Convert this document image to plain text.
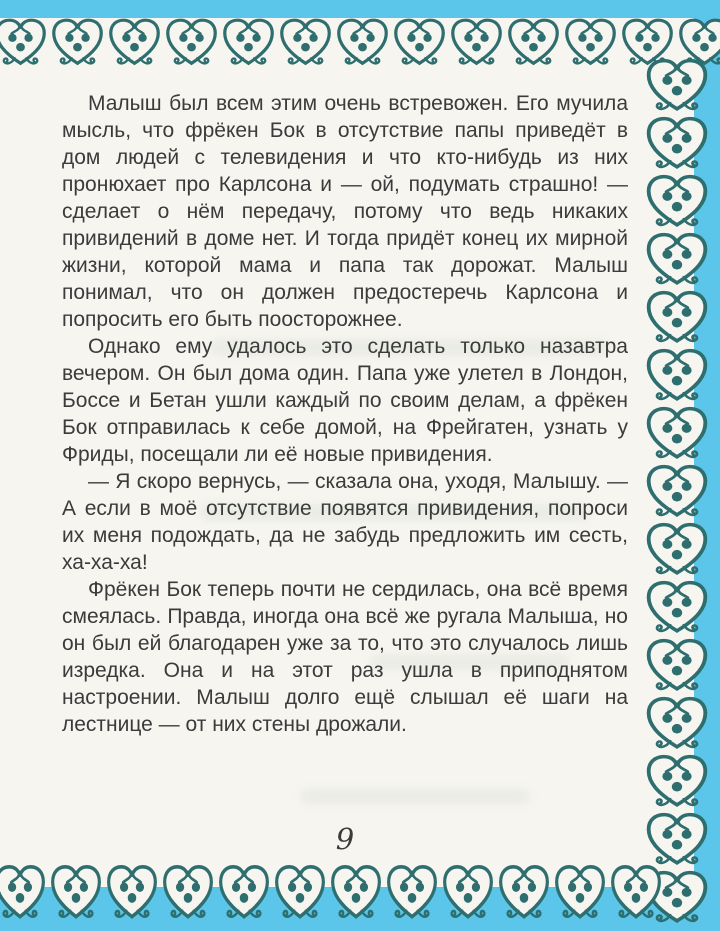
Малыш был всем этим очень встревожен. Его мучила мысль, что фрёкен Бок в отсутствие папы приведёт в дом людей с телевидения и что кто-нибудь из них пронюхает про Карлсона и — ой, подумать страшно! — сделает о нём передачу, потому что ведь никаких привидений в доме нет. И тогда придёт конец их мирной жизни, которой мама и папа так дорожат. Малыш понимал, что он должен предостеречь Карлсона и попросить его быть поосторожнее.

Однако ему удалось это сделать только назавтра вечером. Он был дома один. Папа уже улетел в Лондон, Боссе и Бетан ушли каждый по своим делам, а фрёкен Бок отправилась к себе домой, на Фрейгатен, узнать у Фриды, посещали ли её новые привидения.

— Я скоро вернусь, — сказала она, уходя, Малышу. — А если в моё отсутствие появятся привидения, попроси их меня подождать, да не забудь предложить им сесть, ха-ха-ха!

Фрёкен Бок теперь почти не сердилась, она всё время смеялась. Правда, иногда она всё же ругала Малыша, но он был ей благодарен уже за то, что это случалось лишь изредка. Она и на этот раз ушла в приподнятом настроении. Малыш долго ещё слышал её шаги на лестнице — от них стены дрожали.

9
